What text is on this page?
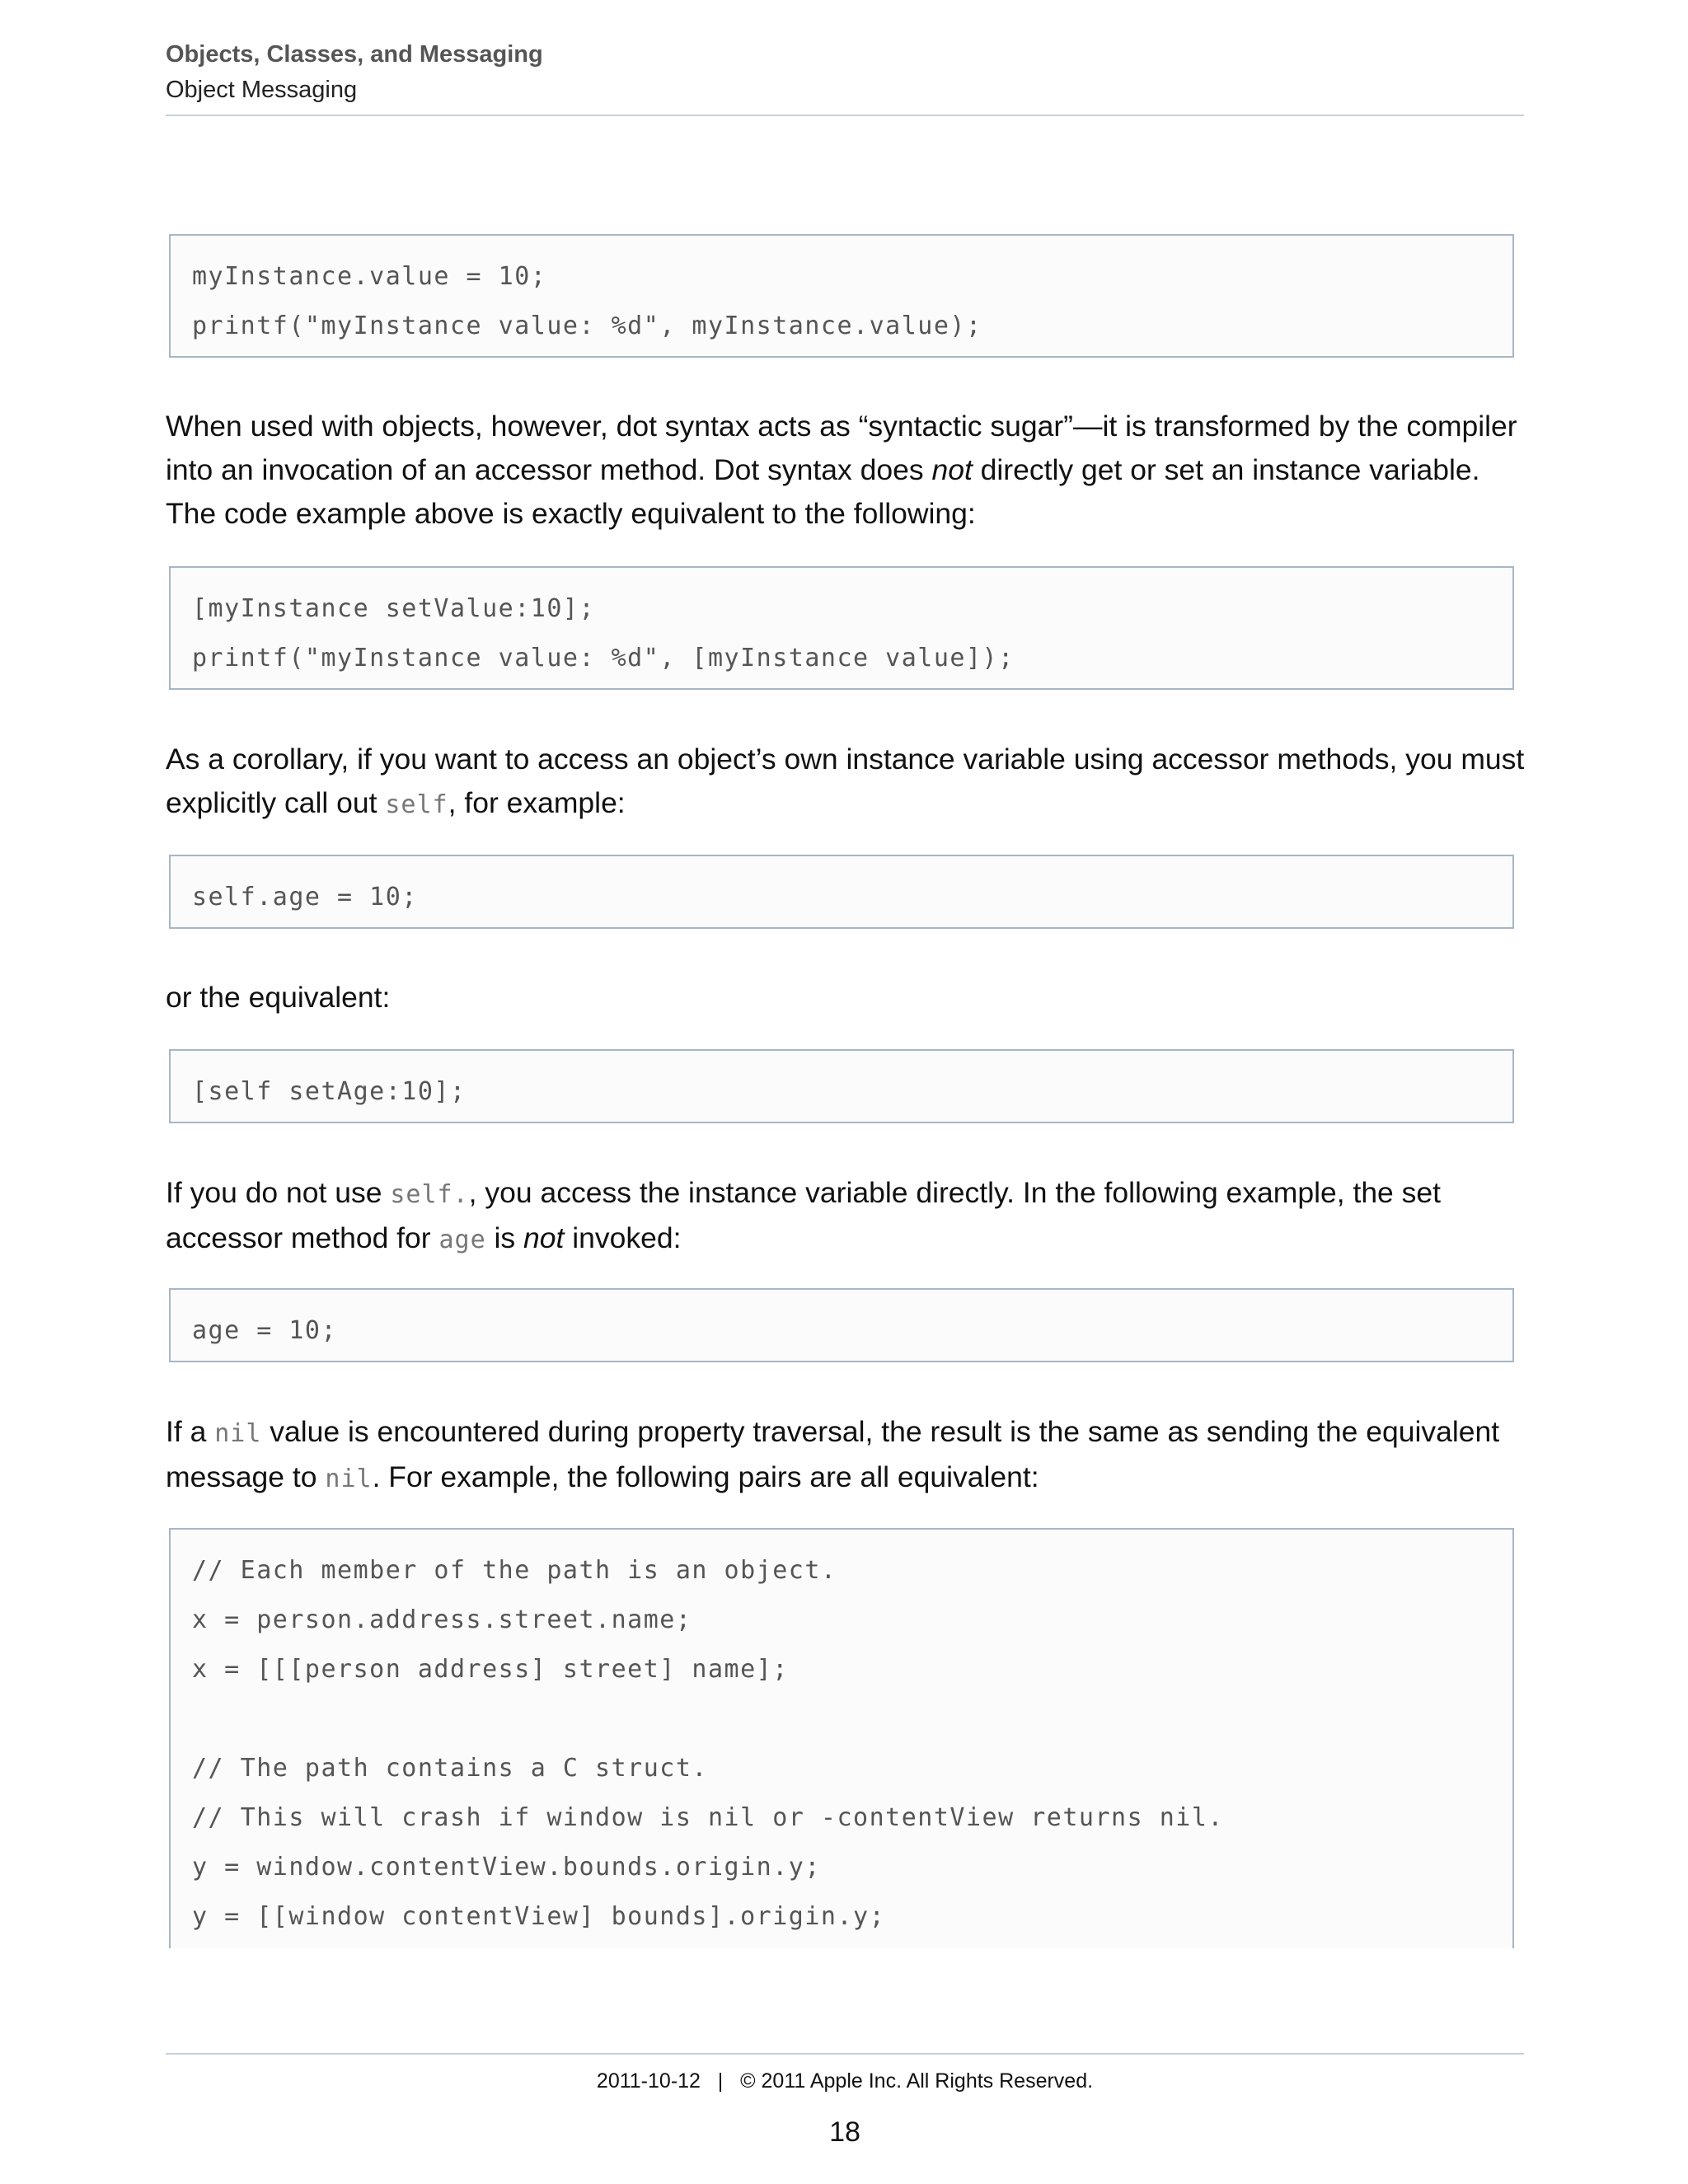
Objects, Classes, and Messaging
Object Messaging
myInstance.value = 10;
printf("myInstance value: %d", myInstance.value);

When used with objects, however, dot syntax acts as “syntactic sugar”—it is transformed by the compiler into an invocation of an accessor method. Dot syntax does not directly get or set an instance variable. The code example above is exactly equivalent to the following:

[myInstance setValue:10];
printf("myInstance value: %d", [myInstance value]);

As a corollary, if you want to access an object’s own instance variable using accessor methods, you must explicitly call out self, for example:

self.age = 10;

or the equivalent:

[self setAge:10];

If you do not use self., you access the instance variable directly. In the following example, the set accessor method for age is not invoked:

age = 10;

If a nil value is encountered during property traversal, the result is the same as sending the equivalent message to nil. For example, the following pairs are all equivalent:

// Each member of the path is an object.
x = person.address.street.name;
x = [[[person address] street] name];
// The path contains a C struct.
// This will crash if window is nil or -contentView returns nil.
y = window.contentView.bounds.origin.y;
y = [[window contentView] bounds].origin.y;
2011-10-12 | © 2011 Apple Inc. All Rights Reserved.
18
